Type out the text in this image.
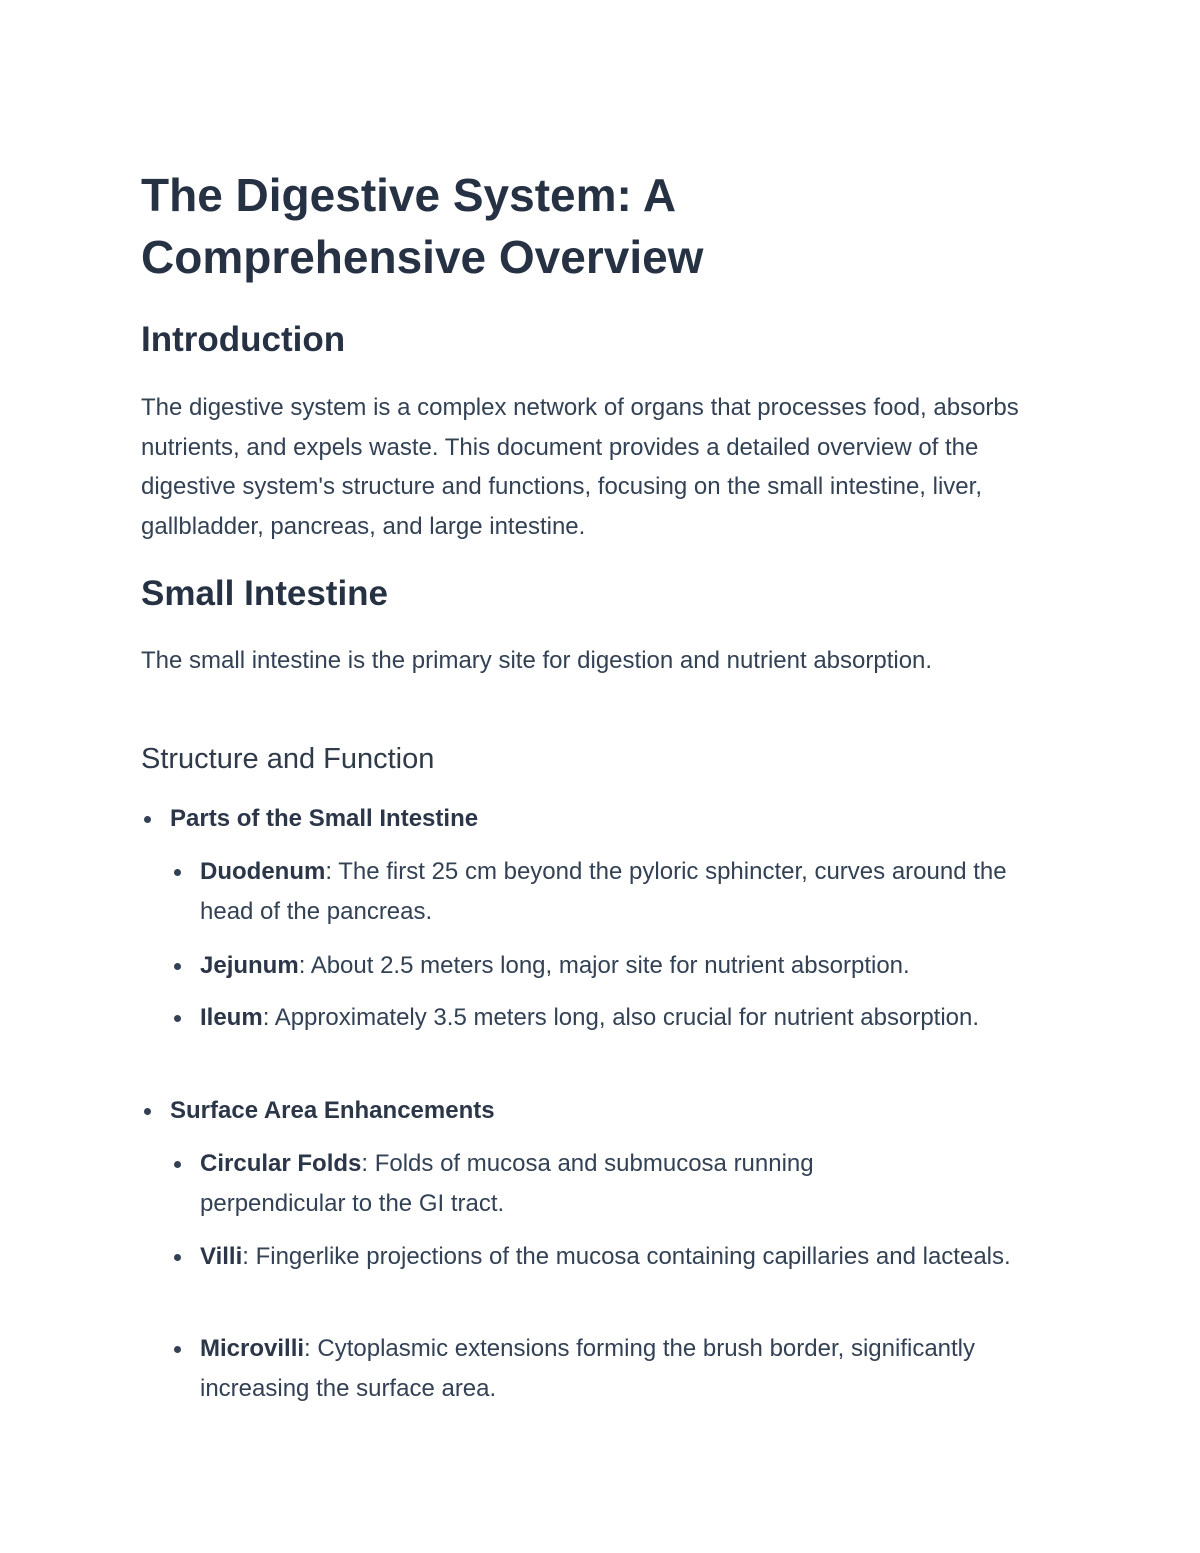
The Digestive System: A Comprehensive Overview
Introduction

The digestive system is a complex network of organs that processes food, absorbs nutrients, and expels waste. This document provides a detailed overview of the digestive system's structure and functions, focusing on the small intestine, liver, gallbladder, pancreas, and large intestine.

Small Intestine

The small intestine is the primary site for digestion and nutrient absorption.

Structure and Function
Parts of the Small Intestine
Duodenum: The first 25 cm beyond the pyloric sphincter, curves around the head of the pancreas.
Jejunum: About 2.5 meters long, major site for nutrient absorption.
Ileum: Approximately 3.5 meters long, also crucial for nutrient absorption.
Surface Area Enhancements
Circular Folds: Folds of mucosa and submucosa running perpendicular to the GI tract.
Villi: Fingerlike projections of the mucosa containing capillaries and lacteals.
Microvilli: Cytoplasmic extensions forming the brush border, significantly increasing the surface area.
